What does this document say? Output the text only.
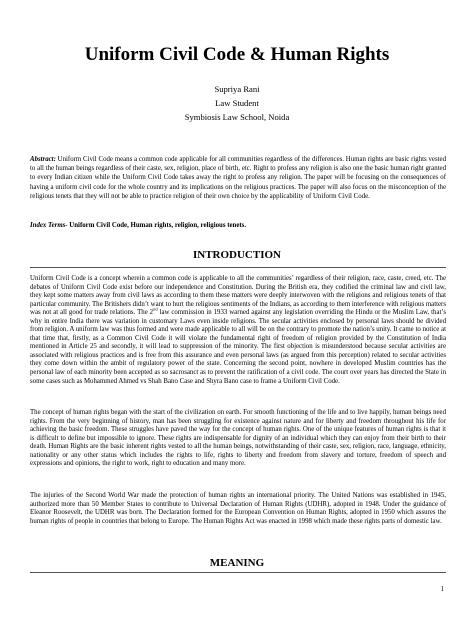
Uniform Civil Code & Human Rights
Supriya Rani
Law Student
Symbiosis Law School, Noida
Abstract: Uniform Civil Code means a common code applicable for all communities regardless of the differences. Human rights are basic rights vested to all the human beings regardless of their caste, sex, religion, place of birth, etc. Right to profess any religion is also one the basic human right granted to every Indian citizen while the Uniform Civil Code takes away the right to profess any religion. The paper will be focusing on the consequences of having a uniform civil code for the whole country and its implications on the religious practices. The paper will also focus on the misconception of the religious tenets that they will not be able to practice religion of their own choice by the applicability of Uniform Civil Code.
Index Terms- Uniform Civil Code, Human rights, religion, religious tenets.
INTRODUCTION
Uniform Civil Code is a concept wherein a common code is applicable to all the communities’ regardless of their religion, race, caste, creed, etc. The debates of Uniform Civil Code exist before our independence and Constitution. During the British era, they codified the criminal law and civil law, they kept some matters away from civil laws as according to them these matters were deeply interwoven with the religions and religious tenets of that particular community. The Britishers didn’t want to hurt the religious sentiments of the Indians, as according to them interference with religious matters was not at all good for trade relations. The 2nd law commission in 1933 warned against any legislation overriding the Hindu or the Muslim Law, that’s why in entire India there was variation in customary Laws even inside religions. The secular activities enclosed by personal laws should be divided from religion. A uniform law was thus formed and were made applicable to all will be on the contrary to promote the nation’s unity. It came to notice at that time that, firstly, as a Common Civil Code it will violate the fundamental right of freedom of religion provided by the Constitution of India mentioned in Article 25 and secondly, it will lead to suppression of the minority. The first objection is misunderstood because secular activities are associated with religious practices and is free from this assurance and even personal laws (as argued from this perception) related to secular activities they come down within the ambit of regulatory power of the state. Concerning the second point, nowhere in developed Muslim countries has the personal law of each minority been accepted as so sacrosanct as to prevent the ratification of a civil code. The court over years has directed the State in some cases such as Mohammed Ahmed vs Shah Bano Case and Shyra Bano case to frame a Uniform Civil Code.
The concept of human rights began with the start of the civilization on earth. For smooth functioning of the life and to live happily, human beings need rights. From the very beginning of history, man has been struggling for existence against nature and for liberty and freedom throughout his life for achieving the basic freedom. These struggles have paved the way for the concept of human rights. One of the unique features of human rights is that it is difficult to define but impossible to ignore. These rights are indispensable for dignity of an individual which they can enjoy from their birth to their death. Human Rights are the basic inherent rights vested to all the human beings, notwithstanding of their caste, sex, religion, race, language, ethnicity, nationality or any other status which includes the rights to life, rights to liberty and freedom from slavery and torture, freedom of speech and expressions and opinions, the right to work, right to education and many more.
The injuries of the Second World War made the protection of human rights an international priority. The United Nations was established in 1945, authorized more than 50 Member States to contribute to Universal Declaration of Human Rights (UDHR), adopted in 1948. Under the guidance of Eleanor Roosevelt, the UDHR was born. The Declaration formed for the European Convention on Human Rights, adopted in 1950 which assures the human rights of people in countries that belong to Europe. The Human Rights Act was enacted in 1998 which made these rights parts of domestic law.
MEANING
1
